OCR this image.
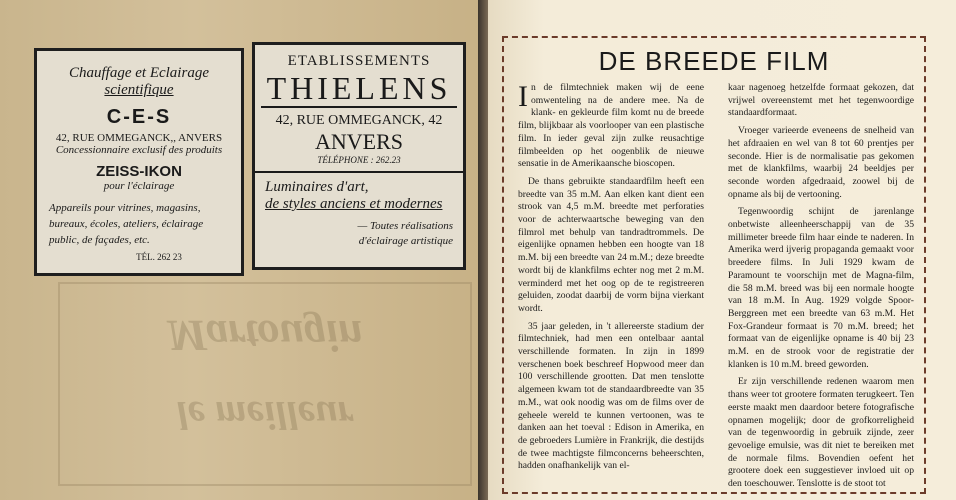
Martougin
le meilleur
Chauffage et Eclairage
scientifique
C-E-S
42, RUE OMMEGANCK,, ANVERS
Concessionnaire exclusif des produits
ZEISS-IKON
pour l'éclairage
Appareils pour vitrines, magasins, bureaux, écoles, ateliers, éclairage public, de façades, etc.
TÉL. 262 23
ETABLISSEMENTS
THIELENS
42, RUE OMMEGANCK, 42
ANVERS
TÉLÉPHONE : 262.23
Luminaires d'art,
de styles anciens et modernes
— Toutes réalisations
d'éclairage artistique
DE BREEDE FILM

In de filmtechniek maken wij de eene omwenteling na de andere mee. Na de klank- en gekleurde film komt nu de breede film, blijkbaar als voorlooper van een plastische film. In ieder geval zijn zulke reusachtige filmbeelden op het oogenblik de nieuwe sensatie in de Amerikaansche bioscopen.

De thans gebruikte standaardfilm heeft een breedte van 35 m.M. Aan elken kant dient een strook van 4,5 m.M. breedte met perforaties voor de achterwaartsche beweging van den filmrol met behulp van tandradtrommels. De eigenlijke opnamen hebben een hoogte van 18 m.M. bij een breedte van 24 m.M.; deze breedte wordt bij de klankfilms echter nog met 2 m.M. verminderd met het oog op de te registreeren geluiden, zoodat daarbij de vorm bijna vierkant wordt.

35 jaar geleden, in 't allereerste stadium der filmtechniek, had men een ontelbaar aantal verschillende formaten. In zijn in 1899 verschenen boek beschreef Hopwood meer dan 100 verschillende grootten. Dat men tenslotte algemeen kwam tot de standaardbreedte van 35 m.M., wat ook noodig was om de films over de geheele wereld te kunnen vertoonen, was te danken aan het toeval : Edison in Amerika, en de gebroeders Lumière in Frankrijk, die destijds de twee machtigste filmconcerns beheerschten, hadden onafhankelijk van el-

kaar nagenoeg hetzelfde formaat gekozen, dat vrijwel overeenstemt met het tegenwoordige standaardformaat.

Vroeger varieerde eveneens de snelheid van het afdraaien en wel van 8 tot 60 prentjes per seconde. Hier is de normalisatie pas gekomen met de klankfilms, waarbij 24 beeldjes per seconde worden afgedraaid, zoowel bij de opname als bij de vertooning.

Tegenwoordig schijnt de jarenlange onbetwiste alleenheerschappij van de 35 millimeter breede film haar einde te naderen. In Amerika werd ijverig propaganda gemaakt voor breedere films. In Juli 1929 kwam de Paramount te voorschijn met de Magna-film, die 58 m.M. breed was bij een normale hoogte van 18 m.M. In Aug. 1929 volgde Spoor-Berggreen met een breedte van 63 m.M. Het Fox-Grandeur formaat is 70 m.M. breed; het formaat van de eigenlijke opname is 40 bij 23 m.M. en de strook voor de registratie der klanken is 10 m.M. breed geworden.

Er zijn verschillende redenen waarom men thans weer tot grootere formaten terugkeert. Ten eerste maakt men daardoor betere fotografische opnamen mogelijk; door de grofkorreligheid van de tegenwoordig in gebruik zijnde, zeer gevoelige emulsie, was dit niet te bereiken met de normale films. Bovendien oefent het grootere doek een suggestiever invloed uit op den toeschouwer. Tenslotte is de stoot tot
